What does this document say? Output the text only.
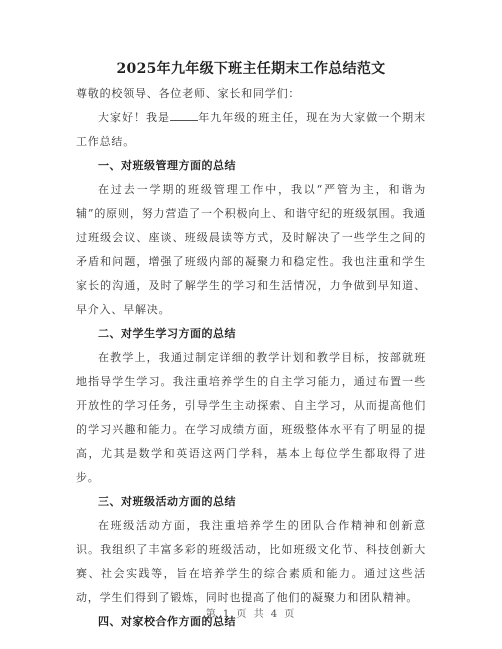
2025年九年级下班主任期末工作总结范文

尊敬的校领导、各位老师、家长和同学们：

大家好！我是	年九年级的班主任，现在为大家做一个期末工作总结。

一、对班级管理方面的总结

在过去一学期的班级管理工作中，我以“严管为主，和谐为辅”的原则，努力营造了一个积极向上、和谐守纪的班级氛围。我通过班级会议、座谈、班级晨读等方式，及时解决了一些学生之间的矛盾和问题，增强了班级内部的凝聚力和稳定性。我也注重和学生家长的沟通，及时了解学生的学习和生活情况，力争做到早知道、早介入、早解决。

二、对学生学习方面的总结

在教学上，我通过制定详细的教学计划和教学目标，按部就班地指导学生学习。我注重培养学生的自主学习能力，通过布置一些开放性的学习任务，引导学生主动探索、自主学习，从而提高他们的学习兴趣和能力。在学习成绩方面，班级整体水平有了明显的提高，尤其是数学和英语这两门学科，基本上每位学生都取得了进步。

三、对班级活动方面的总结

在班级活动方面，我注重培养学生的团队合作精神和创新意识。我组织了丰富多彩的班级活动，比如班级文化节、科技创新大赛、社会实践等，旨在培养学生的综合素质和能力。通过这些活动，学生们得到了锻炼，同时也提高了他们的凝聚力和团队精神。

四、对家校合作方面的总结

第 1 页 共 4 页
